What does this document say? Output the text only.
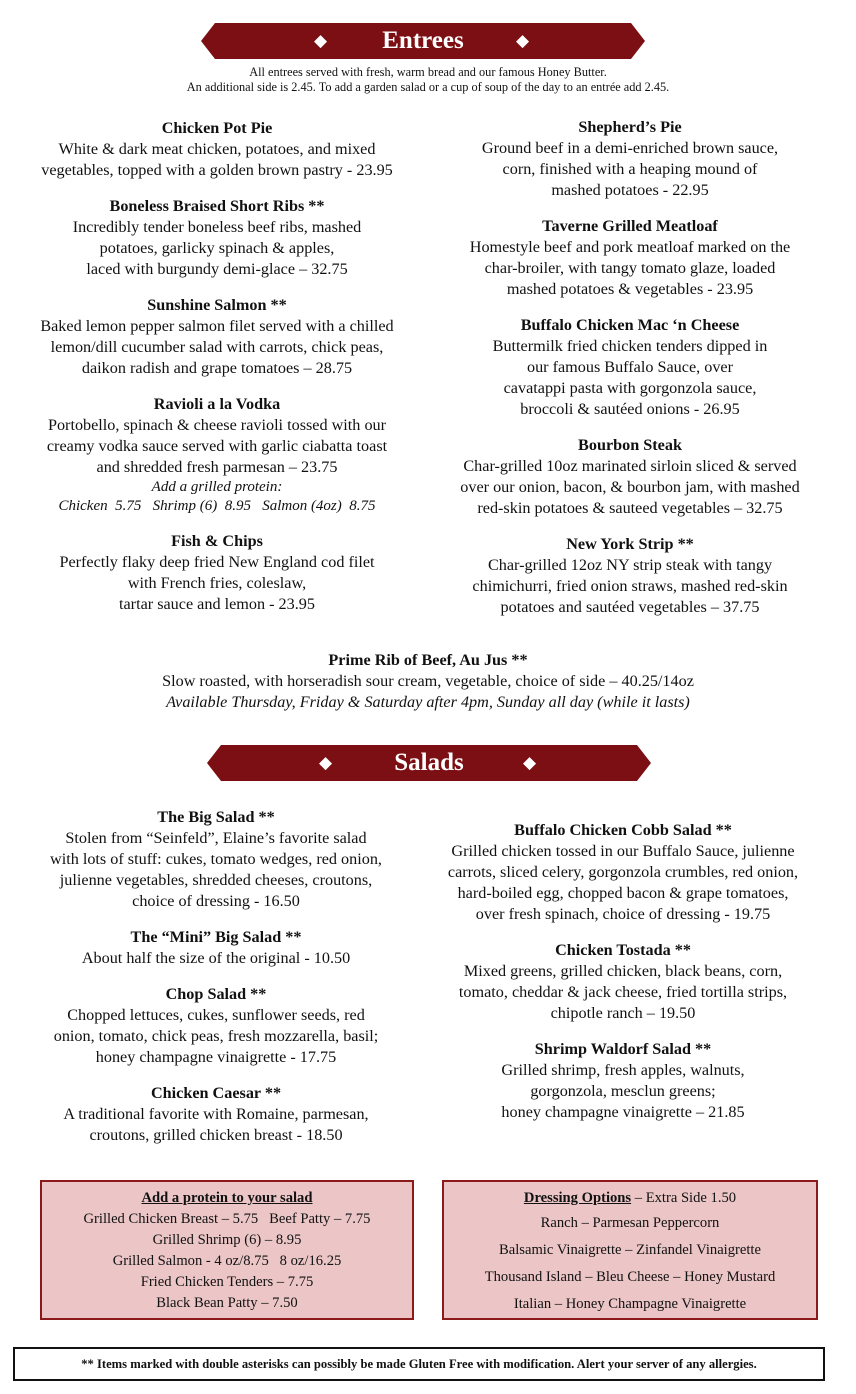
◆	Entrees	◆
All entrees served with fresh, warm bread and our famous Honey Butter.
An additional side is 2.45. To add a garden salad or a cup of soup of the day to an entrée add 2.45.
Chicken Pot Pie
White & dark meat chicken, potatoes, and mixed
vegetables, topped with a golden brown pastry - 23.95
Boneless Braised Short Ribs **
Incredibly tender boneless beef ribs, mashed
potatoes, garlicky spinach & apples,
laced with burgundy demi-glace – 32.75
Sunshine Salmon **
Baked lemon pepper salmon filet served with a chilled
lemon/dill cucumber salad with carrots, chick peas,
daikon radish and grape tomatoes – 28.75
Ravioli a la Vodka
Portobello, spinach & cheese ravioli tossed with our
creamy vodka sauce served with garlic ciabatta toast
and shredded fresh parmesan – 23.75
Add a grilled protein:
Chicken  5.75   Shrimp (6)  8.95   Salmon (4oz)  8.75
Fish & Chips
Perfectly flaky deep fried New England cod filet
with French fries, coleslaw,
tartar sauce and lemon - 23.95
Shepherd’s Pie
Ground beef in a demi-enriched brown sauce,
corn, finished with a heaping mound of
mashed potatoes - 22.95
Taverne Grilled Meatloaf
Homestyle beef and pork meatloaf marked on the
char-broiler, with tangy tomato glaze, loaded
mashed potatoes & vegetables - 23.95
Buffalo Chicken Mac ‘n Cheese
Buttermilk fried chicken tenders dipped in
our famous Buffalo Sauce, over
cavatappi pasta with gorgonzola sauce,
broccoli & sautéed onions - 26.95
Bourbon Steak
Char-grilled 10oz marinated sirloin sliced & served
over our onion, bacon, & bourbon jam, with mashed
red-skin potatoes & sauteed vegetables – 32.75
New York Strip **
Char-grilled 12oz NY strip steak with tangy
chimichurri, fried onion straws, mashed red-skin
potatoes and sautéed vegetables – 37.75
Prime Rib of Beef, Au Jus **
Slow roasted, with horseradish sour cream, vegetable, choice of side – 40.25/14oz
Available Thursday, Friday & Saturday after 4pm, Sunday all day (while it lasts)
◆	Salads	◆
The Big Salad **
Stolen from “Seinfeld”, Elaine’s favorite salad
with lots of stuff: cukes, tomato wedges, red onion,
julienne vegetables, shredded cheeses, croutons,
choice of dressing - 16.50
The “Mini” Big Salad **
About half the size of the original - 10.50
Chop Salad **
Chopped lettuces, cukes, sunflower seeds, red
onion, tomato, chick peas, fresh mozzarella, basil;
honey champagne vinaigrette - 17.75
Chicken Caesar **
A traditional favorite with Romaine, parmesan,
croutons, grilled chicken breast - 18.50
Buffalo Chicken Cobb Salad **
Grilled chicken tossed in our Buffalo Sauce, julienne
carrots, sliced celery, gorgonzola crumbles, red onion,
hard-boiled egg, chopped bacon & grape tomatoes,
over fresh spinach, choice of dressing - 19.75
Chicken Tostada **
Mixed greens, grilled chicken, black beans, corn,
tomato, cheddar & jack cheese, fried tortilla strips,
chipotle ranch – 19.50
Shrimp Waldorf Salad **
Grilled shrimp, fresh apples, walnuts,
gorgonzola, mesclun greens;
honey champagne vinaigrette – 21.85
Add a protein to your salad
Grilled Chicken Breast – 5.75   Beef Patty – 7.75
Grilled Shrimp (6) – 8.95
Grilled Salmon - 4 oz/8.75   8 oz/16.25
Fried Chicken Tenders – 7.75
Black Bean Patty – 7.50
Dressing Options – Extra Side 1.50
Ranch – Parmesan Peppercorn
Balsamic Vinaigrette – Zinfandel Vinaigrette
Thousand Island – Bleu Cheese – Honey Mustard
Italian – Honey Champagne Vinaigrette
** Items marked with double asterisks can possibly be made Gluten Free with modification. Alert your server of any allergies.
